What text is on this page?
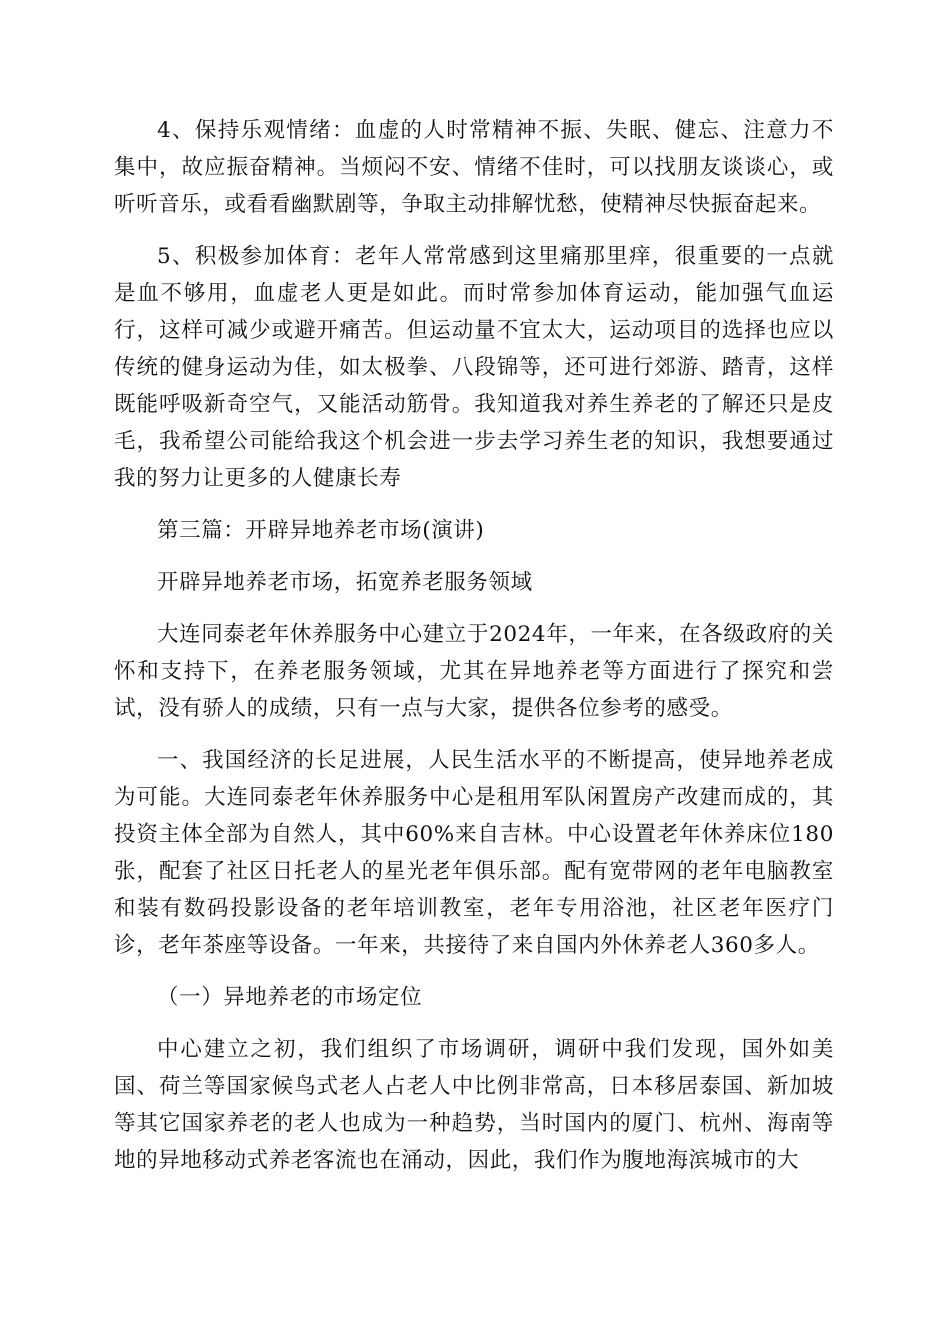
4、保持乐观情绪：血虚的人时常精神不振、失眠、健忘、注意力不集中，故应振奋精神。当烦闷不安、情绪不佳时，可以找朋友谈谈心，或听听音乐，或看看幽默剧等，争取主动排解忧愁，使精神尽快振奋起来。

5、积极参加体育：老年人常常感到这里痛那里痒，很重要的一点就是血不够用，血虚老人更是如此。而时常参加体育运动，能加强气血运行，这样可减少或避开痛苦。但运动量不宜太大，运动项目的选择也应以传统的健身运动为佳，如太极拳、八段锦等，还可进行郊游、踏青，这样既能呼吸新奇空气，又能活动筋骨。我知道我对养生养老的了解还只是皮毛，我希望公司能给我这个机会进一步去学习养生老的知识，我想要通过我的努力让更多的人健康长寿

第三篇：开辟异地养老市场(演讲)

开辟异地养老市场，拓宽养老服务领域

大连同泰老年休养服务中心建立于2024年，一年来，在各级政府的关怀和支持下，在养老服务领域，尤其在异地养老等方面进行了探究和尝试，没有骄人的成绩，只有一点与大家，提供各位参考的感受。

一、我国经济的长足进展，人民生活水平的不断提高，使异地养老成为可能。大连同泰老年休养服务中心是租用军队闲置房产改建而成的，其投资主体全部为自然人，其中60%来自吉林。中心设置老年休养床位180张，配套了社区日托老人的星光老年俱乐部。配有宽带网的老年电脑教室和装有数码投影设备的老年培训教室，老年专用浴池，社区老年医疗门诊，老年茶座等设备。一年来，共接待了来自国内外休养老人360多人。

（一）异地养老的市场定位

中心建立之初，我们组织了市场调研，调研中我们发现，国外如美国、荷兰等国家候鸟式老人占老人中比例非常高，日本移居泰国、新加坡等其它国家养老的老人也成为一种趋势，当时国内的厦门、杭州、海南等地的异地移动式养老客流也在涌动，因此，我们作为腹地海滨城市的大
